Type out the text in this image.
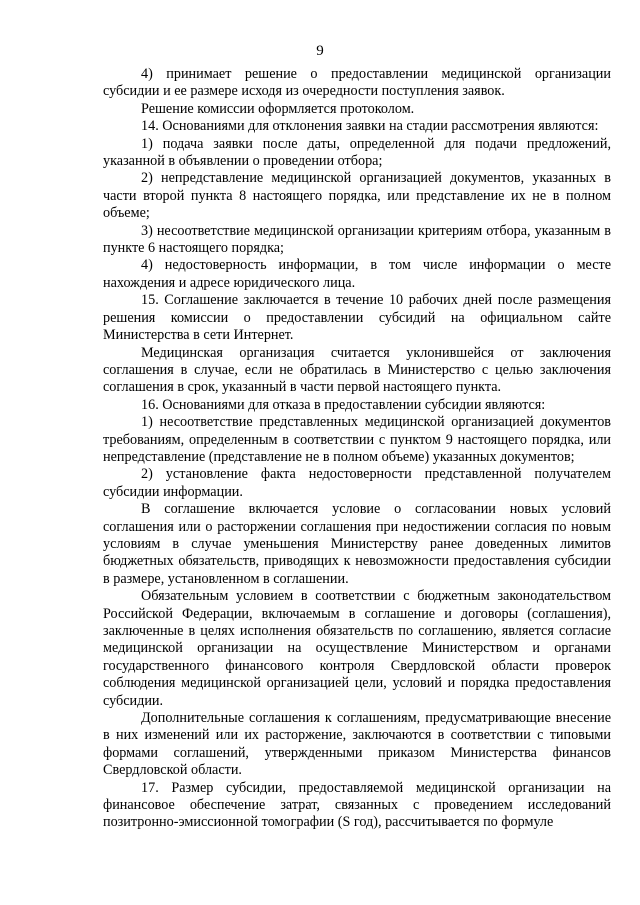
9

4) принимает решение о предоставлении медицинской организации субсидии и ее размере исходя из очередности поступления заявок.

Решение комиссии оформляется протоколом.

14. Основаниями для отклонения заявки на стадии рассмотрения являются:

1) подача заявки после даты, определенной для подачи предложений, указанной в объявлении о проведении отбора;

2) непредставление медицинской организацией документов, указанных в части второй пункта 8 настоящего порядка, или представление их не в полном объеме;

3) несоответствие медицинской организации критериям отбора, указанным в пункте 6 настоящего порядка;

4) недостоверность информации, в том числе информации о месте нахождения и адресе юридического лица.

15. Соглашение заключается в течение 10 рабочих дней после размещения решения комиссии о предоставлении субсидий на официальном сайте Министерства в сети Интернет.

Медицинская организация считается уклонившейся от заключения соглашения в случае, если не обратилась в Министерство с целью заключения соглашения в срок, указанный в части первой настоящего пункта.

16. Основаниями для отказа в предоставлении субсидии являются:

1) несоответствие представленных медицинской организацией документов требованиям, определенным в соответствии с пунктом 9 настоящего порядка, или непредставление (представление не в полном объеме) указанных документов;

2) установление факта недостоверности представленной получателем субсидии информации.

В соглашение включается условие о согласовании новых условий соглашения или о расторжении соглашения при недостижении согласия по новым условиям в случае уменьшения Министерству ранее доведенных лимитов бюджетных обязательств, приводящих к невозможности предоставления субсидии в размере, установленном в соглашении.

Обязательным условием в соответствии с бюджетным законодательством Российской Федерации, включаемым в соглашение и договоры (соглашения), заключенные в целях исполнения обязательств по соглашению, является согласие медицинской организации на осуществление Министерством и органами государственного финансового контроля Свердловской области проверок соблюдения медицинской организацией цели, условий и порядка предоставления субсидии.

Дополнительные соглашения к соглашениям, предусматривающие внесение в них изменений или их расторжение, заключаются в соответствии с типовыми формами соглашений, утвержденными приказом Министерства финансов Свердловской области.

17. Размер субсидии, предоставляемой медицинской организации на финансовое обеспечение затрат, связанных с проведением исследований позитронно-эмиссионной томографии (S год), рассчитывается по формуле
